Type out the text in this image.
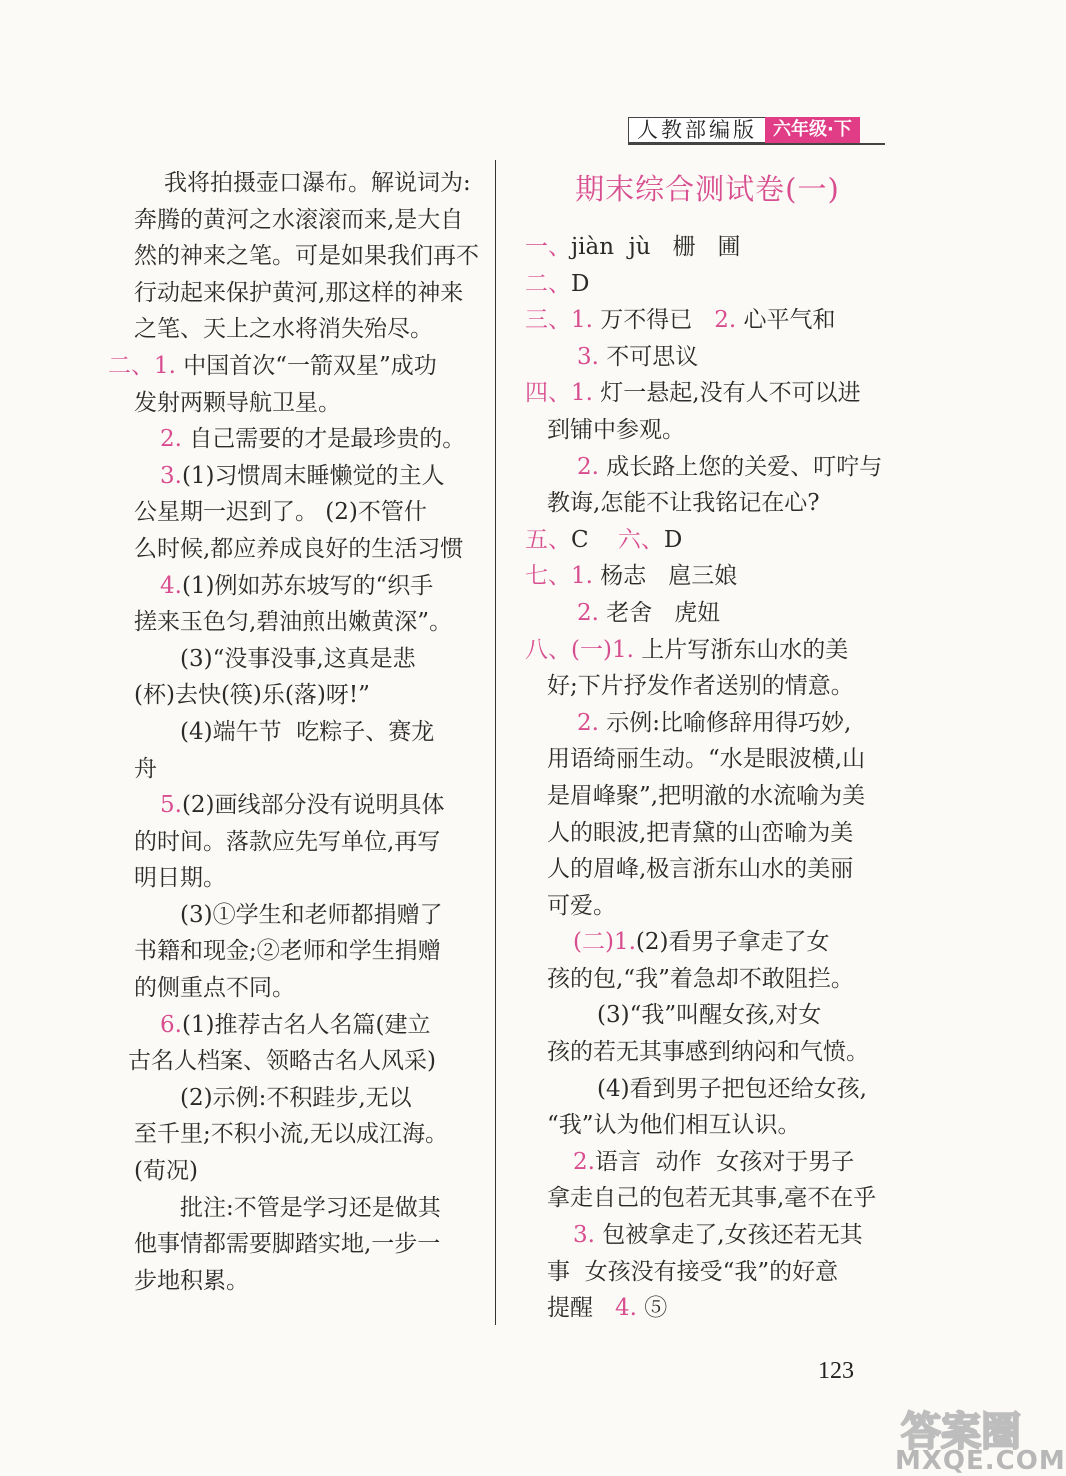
人教部编版 六年级·下
我将拍摄壶口瀑布。解说词为:
奔腾的黄河之水滚滚而来,是大自
然的神来之笔。可是如果我们再不
行动起来保护黄河,那这样的神来
之笔、天上之水将消失殆尽。
二、1. 中国首次“一箭双星”成功
发射两颗导航卫星。
2. 自己需要的才是最珍贵的。
3.(1)习惯周末睡懒觉的主人
公星期一迟到了。 (2)不管什
么时候,都应养成良好的生活习惯
4.(1)例如苏东坡写的“织手
搓来玉色匀,碧油煎出嫩黄深”。
(3)“没事没事,这真是悲
(杯)去快(筷)乐(落)呀!”
(4)端午节  吃粽子、赛龙
舟
5.(2)画线部分没有说明具体
的时间。落款应先写单位,再写
明日期。
(3)①学生和老师都捐赠了
书籍和现金;②老师和学生捐赠
的侧重点不同。
6.(1)推荐古名人名篇(建立
古名人档案、领略古名人风采)
(2)示例:不积跬步,无以
至千里;不积小流,无以成江海。
(荀况)
批注:不管是学习还是做其
他事情都需要脚踏实地,一步一
步地积累。
期末综合测试卷(一)
一、jiàn  jù   栅   圃
二、D
三、1. 万不得已   2. 心平气和
3. 不可思议
四、1. 灯一悬起,没有人不可以进
到铺中参观。
2. 成长路上您的关爱、叮咛与
教诲,怎能不让我铭记在心?
五、C    六、D
七、1. 杨志   扈三娘
2. 老舍   虎妞
八、(一)1. 上片写浙东山水的美
好;下片抒发作者送别的情意。
2. 示例:比喻修辞用得巧妙,
用语绮丽生动。“水是眼波横,山
是眉峰聚”,把明澈的水流喻为美
人的眼波,把青黛的山峦喻为美
人的眉峰,极言浙东山水的美丽
可爱。
(二)1.(2)看男子拿走了女
孩的包,“我”着急却不敢阻拦。
(3)“我”叫醒女孩,对女
孩的若无其事感到纳闷和气愤。
(4)看到男子把包还给女孩,
“我”认为他们相互认识。
2.语言  动作  女孩对于男子
拿走自己的包若无其事,毫不在乎
3. 包被拿走了,女孩还若无其
事  女孩没有接受“我”的好意
提醒   4. ⑤
123
答案圈
MXQE.COM
